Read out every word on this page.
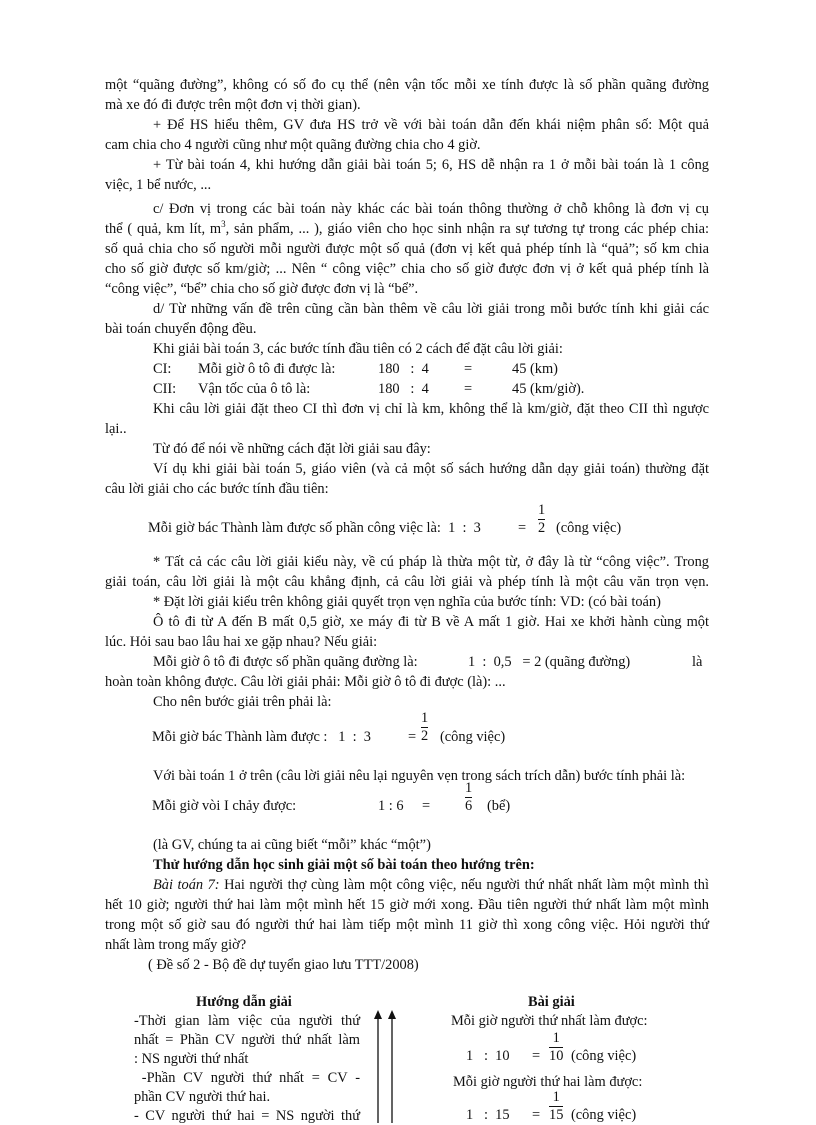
một “quãng đường”, không có số đo cụ thể (nên vận tốc mỗi xe tính được là số phần quãng đường
mà xe đó đi được trên một đơn vị thời gian).
+ Để HS hiểu thêm, GV đưa HS trở về với bài toán dẫn đến khái niệm phân số: Một quả
cam chia cho 4 người cũng như một quãng đường chia cho 4 giờ.
+ Từ bài toán 4, khi hướng dẫn giải bài toán 5; 6, HS dễ nhận ra 1 ở mỗi bài toán là 1 công
việc, 1 bể nước, ...
c/ Đơn vị trong các bài toán này khác các bài toán thông thường ở chỗ không là đơn vị cụ
thể ( quả, km lít, $m^3$, sản phẩm, ... ), giáo viên cho học sinh nhận ra sự tương tự trong các phép chia:
số quả chia cho số người mỗi người được một số quả (đơn vị kết quả phép tính là “quả”; số km chia
cho số giờ được số km/giờ; ... Nên “ công việc” chia cho số giờ được đơn vị ở kết quả phép tính là
“công việc”, “bể” chia cho số giờ được đơn vị là “bể”.
d/ Từ những vấn đề trên cũng cần bàn thêm về câu lời giải trong mỗi bước tính khi giải các
bài toán chuyển động đều.
Khi giải bài toán 3, các bước tính đầu tiên có 2 cách để đặt câu lời giải:
CI: Mỗi giờ ô tô đi được là:	180   :  4 =	45 (km)
CII: Vận tốc của ô tô là:	180   :  4 =	45 (km/giờ).
Khi câu lời giải đặt theo CI thì đơn vị chỉ là km, không thể là km/giờ, đặt theo CII thì ngược
lại..
Từ đó để nói về những cách đặt lời giải sau đây:
Ví dụ khi giải bài toán 5, giáo viên (và cả một số sách hướng dẫn dạy giải toán) thường đặt
câu lời giải cho các bước tính đầu tiên:
Mỗi giờ bác Thành làm được số phần công việc là:  1  :  3	=
1
2 (công việc)
* Tất cả các câu lời giải kiểu này, về cú pháp là thừa một từ, ở đây là từ “công việc”. Trong
giải toán, câu lời giải là một câu khẳng định, cả câu lời giải và phép tính là một câu văn trọn vẹn.
* Đặt lời giải kiểu trên không giải quyết trọn vẹn nghĩa của bước tính: VD: (có bài toán)
Ô tô đi từ A đến B mất 0,5 giờ, xe máy đi từ B về A mất 1 giờ. Hai xe khởi hành cùng một
lúc. Hỏi sau bao lâu hai xe gặp nhau? Nếu giải:
Mỗi giờ ô tô đi được số phần quãng đường là:	1  :  0,5   = 2 (quãng đường)	là
hoàn toàn không được. Câu lời giải phải: Mỗi giờ ô tô đi được (là): ...
Cho nên bước giải trên phải là:
Mỗi giờ bác Thành làm được :   1  :  3	=
1
2 (công việc)
Với bài toán 1 ở trên (câu lời giải nêu lại nguyên vẹn trong sách trích dẫn) bước tính phải là:
Mỗi giờ vòi I chảy được:	1 : 6 =
1
6 (bể)
(là GV, chúng ta ai cũng biết “mỗi” khác “một”)
Thử hướng dẫn học sinh giải một số bài toán theo hướng trên:
Bài toán 7: Hai người thợ cùng làm một công việc, nếu người thứ nhất nhất làm một mình thì
hết 10 giờ; người thứ hai làm một mình hết 15 giờ mới xong. Đầu tiên người thứ nhất làm một mình
trong một số giờ sau đó người thứ hai làm tiếp một mình 11 giờ thì xong công việc. Hỏi người thứ
nhất làm trong mấy giờ?
( Đề số 2 - Bộ đề dự tuyển giao lưu TTT/2008)
Hướng dẫn giải
-Thời gian làm việc của người thứ
nhất = Phần CV người thứ nhất làm
: NS người thứ nhất
-Phần CV người thứ nhất = CV -
phần CV người thứ hai.
- CV người thứ hai = NS người thứ
Bài giải
Mỗi giờ người thứ nhất làm được:
1   :  10 =
1
10 (công việc)
Mỗi giờ người thứ hai làm được:
1   :  15 =
1
15 (công việc)
